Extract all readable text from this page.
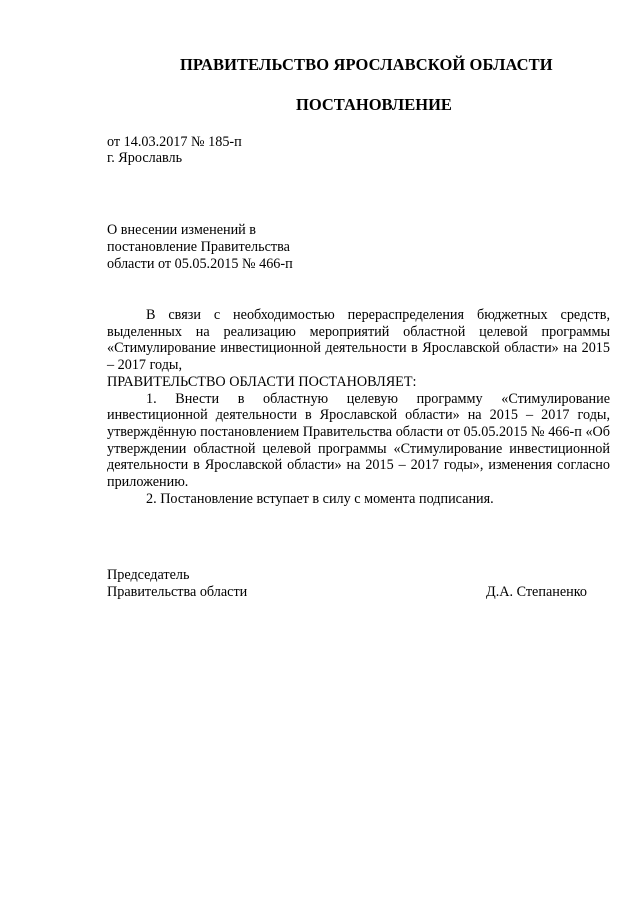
ПРАВИТЕЛЬСТВО ЯРОСЛАВСКОЙ ОБЛАСТИ
ПОСТАНОВЛЕНИЕ
от 14.03.2017 № 185-п
г. Ярославль
О внесении изменений в
постановление Правительства
области от 05.05.2015 № 466-п

В связи с необходимостью перераспределения бюджетных средств, выделенных на реализацию мероприятий областной целевой программы «Стимулирование инвестиционной деятельности в Ярославской области» на 2015 – 2017 годы,

ПРАВИТЕЛЬСТВО ОБЛАСТИ ПОСТАНОВЛЯЕТ:

1. Внести в областную целевую программу «Стимулирование инвестиционной деятельности в Ярославской области» на 2015 – 2017 годы, утверждённую постановлением Правительства области от 05.05.2015 № 466-п «Об утверждении областной целевой программы «Стимулирование инвестиционной деятельности в Ярославской области» на 2015 – 2017 годы», изменения согласно приложению.

2. Постановление вступает в силу с момента подписания.

Председатель
Правительства области	Д.А. Степаненко
